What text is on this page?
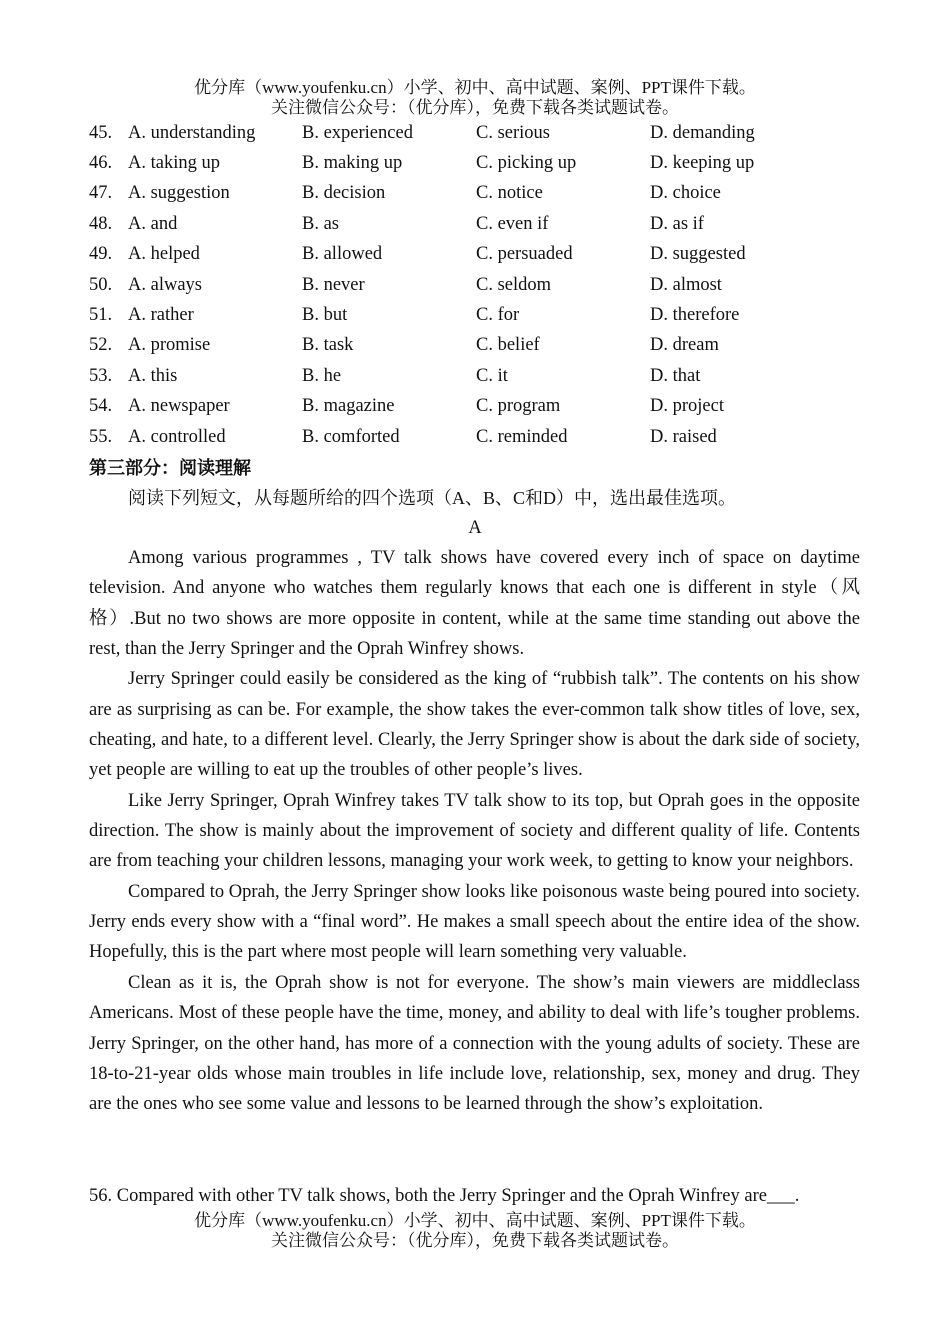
优分库（www.youfenku.cn）小学、初中、高中试题、案例、PPT课件下载。
关注微信公众号：（优分库），免费下载各类试题试卷。
45. A. understanding	B. experienced	C. serious	D. demanding
46. A. taking up	B. making up	C. picking up	D. keeping up
47. A. suggestion	B. decision	C. notice	D. choice
48. A. and	B. as	C. even if	D. as if
49. A. helped	B. allowed	C. persuaded	D. suggested
50. A. always	B. never	C. seldom	D. almost
51. A. rather	B. but	C. for	D. therefore
52. A. promise	B. task	C. belief	D. dream
53. A. this	B. he	C. it	D. that
54. A. newspaper	B. magazine	C. program	D. project
55. A. controlled	B. comforted	C. reminded	D. raised
第三部分：阅读理解
阅读下列短文，从每题所给的四个选项（A、B、C和D）中，选出最佳选项。
A

Among various programmes , TV talk shows have covered every inch of space on daytime television. And anyone who watches them regularly knows that each one is different in style（风格）.But no two shows are more opposite in content, while at the same time standing out above the rest, than the Jerry Springer and the Oprah Winfrey shows.

Jerry Springer could easily be considered as the king of “rubbish talk”. The contents on his show are as surprising as can be. For example, the show takes the ever-common talk show titles of love, sex, cheating, and hate, to a different level. Clearly, the Jerry Springer show is about the dark side of society, yet people are willing to eat up the troubles of other people’s lives.

Like Jerry Springer, Oprah Winfrey takes TV talk show to its top, but Oprah goes in the opposite direction. The show is mainly about the improvement of society and different quality of life. Contents are from teaching your children lessons, managing your work week, to getting to know your neighbors.

Compared to Oprah, the Jerry Springer show looks like poisonous waste being poured into society. Jerry ends every show with a “final word”. He makes a small speech about the entire idea of the show. Hopefully, this is the part where most people will learn something very valuable.

Clean as it is, the Oprah show is not for everyone. The show’s main viewers are middleclass Americans. Most of these people have the time, money, and ability to deal with life’s tougher problems. Jerry Springer, on the other hand, has more of a connection with the young adults of society. These are 18-to-21-year olds whose main troubles in life include love, relationship, sex, money and drug. They are the ones who see some value and lessons to be learned through the show’s exploitation.

56. Compared with other TV talk shows, both the Jerry Springer and the Oprah Winfrey are___.
优分库（www.youfenku.cn）小学、初中、高中试题、案例、PPT课件下载。
关注微信公众号：（优分库），免费下载各类试题试卷。
